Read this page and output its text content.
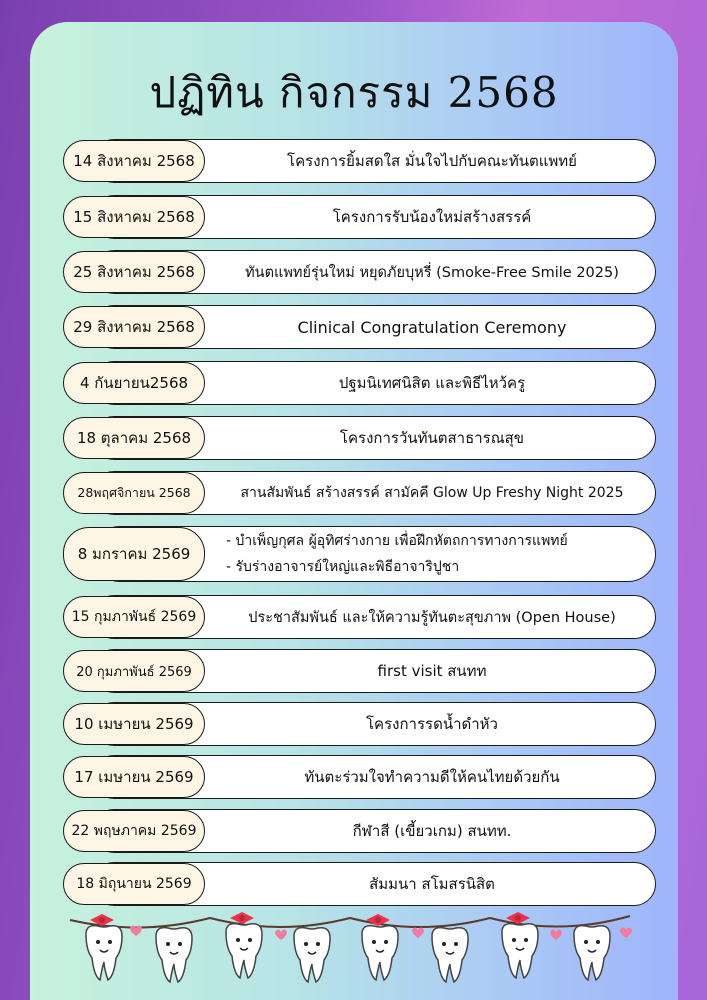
ปฏิทิน กิจกรรม 2568
14 สิงหาคม 2568	โครงการยิ้มสดใส มั่นใจไปกับคณะทันตแพทย์
15 สิงหาคม 2568	โครงการรับน้องใหม่สร้างสรรค์
25 สิงหาคม 2568	ทันตแพทย์รุ่นใหม่ หยุดภัยบุหรี่ (Smoke-Free Smile 2025)
29 สิงหาคม 2568	Clinical Congratulation Ceremony
4 กันยายน2568	ปฐมนิเทศนิสิต และพิธีไหว้ครู
18 ตุลาคม 2568	โครงการวันทันตสาธารณสุข
28พฤศจิกายน 2568	สานสัมพันธ์ สร้างสรรค์ สามัคคี Glow Up Freshy Night 2025
8 มกราคม 2569
- บำเพ็ญกุศล ผู้อุทิศร่างกาย เพื่อฝึกหัตถการทางการแพทย์
- รับร่างอาจารย์ใหญ่และพิธีอาจาริปูชา
15 กุมภาพันธ์ 2569	ประชาสัมพันธ์ และให้ความรู้ทันตะสุขภาพ (Open House)
20 กุมภาพันธ์ 2569	first visit สนทท
10 เมษายน 2569	โครงการรดน้ำดำหัว
17 เมษายน 2569	ทันตะร่วมใจทำความดีให้คนไทยด้วยกัน
22 พฤษภาคม 2569	กีฬาสี (เขี้ยวเกม) สนทท.
18 มิถุนายน 2569	สัมมนา สโมสรนิสิต
